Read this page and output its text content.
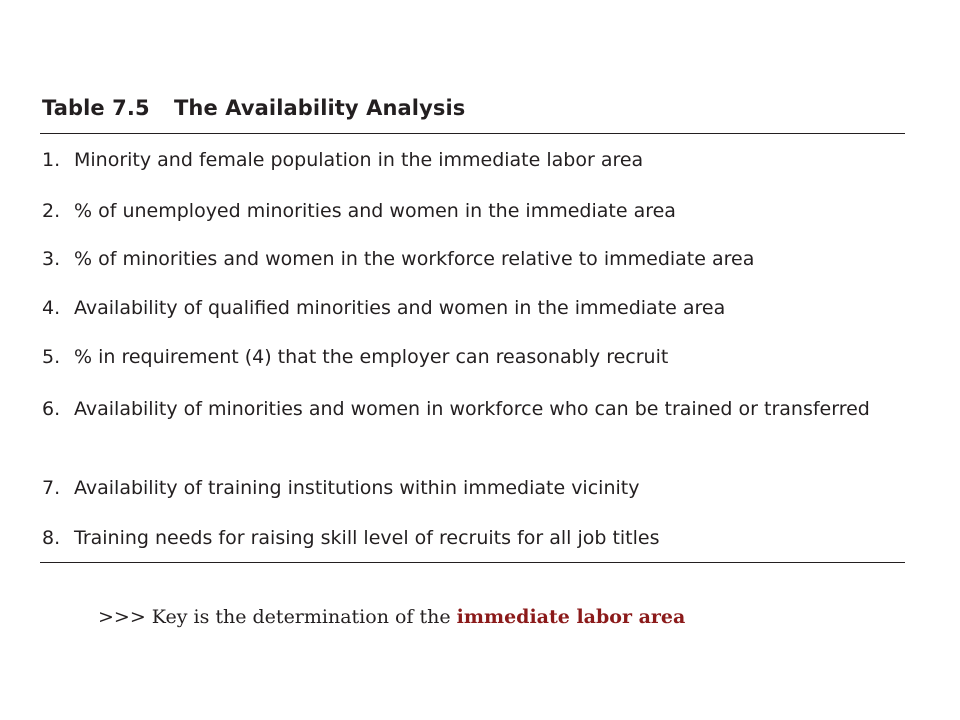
Table 7.5 The Availability Analysis
1. Minority and female population in the immediate labor area
2. % of unemployed minorities and women in the immediate area
3. % of minorities and women in the workforce relative to immediate area
4. Availability of qualified minorities and women in the immediate area
5. % in requirement (4) that the employer can reasonably recruit
6. Availability of minorities and women in workforce who can be trained or transferred
7. Availability of training institutions within immediate vicinity
8. Training needs for raising skill level of recruits for all job titles
>>> Key is the determination of the immediate labor area
